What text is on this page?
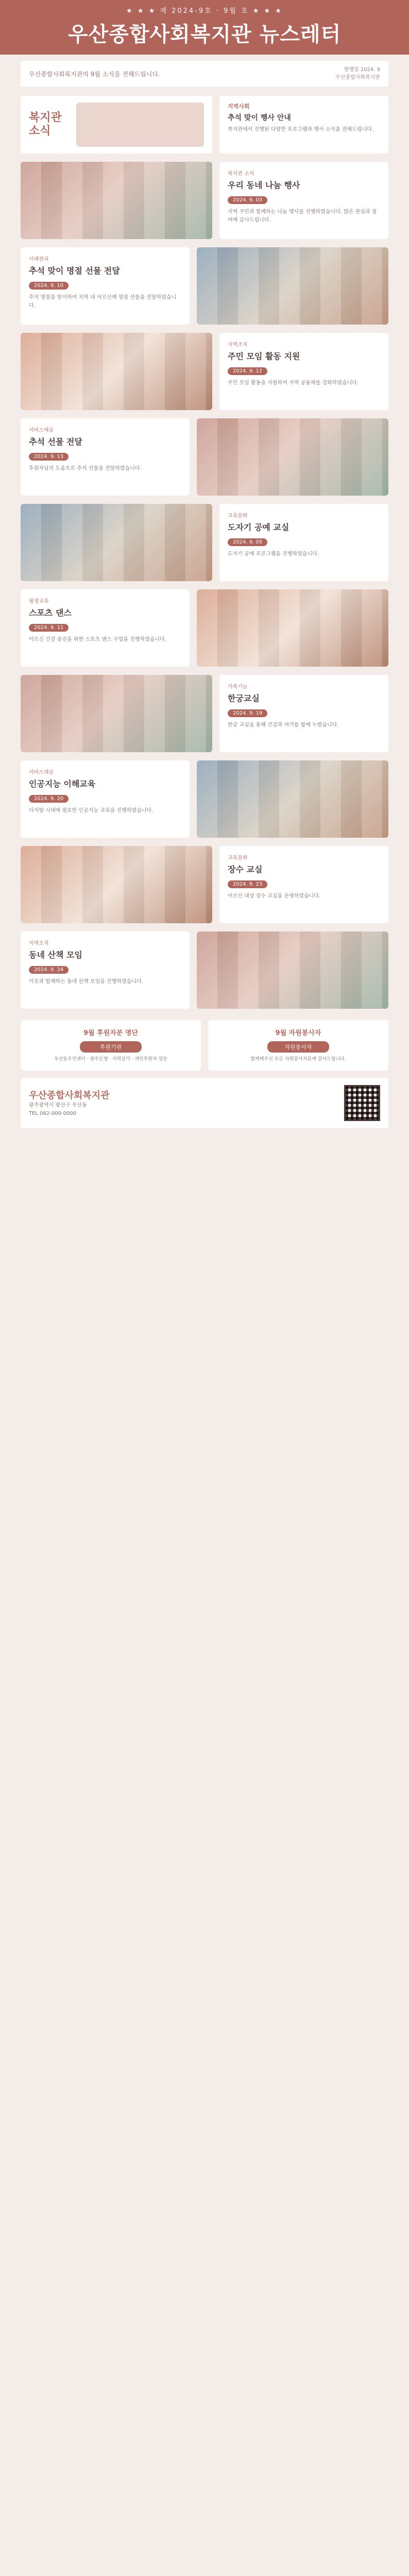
★ ★ ★ 제 2024-9호 · 9월 호 ★ ★ ★
우산종합사회복지관 뉴스레터
우산종합사회복지관의 9월 소식을 전해드립니다.
발행일 2024. 9
우산종합사회복지관
복지관 소식
지역사회
추석 맞이 행사 안내
복지관에서 진행된 다양한 프로그램과 행사 소식을 전해드립니다.
복지관 소식
우리 동네 나눔 행사
2024. 9. 03

지역 주민과 함께하는 나눔 행사를 진행하였습니다. 많은 관심과 참여에 감사드립니다.
사례관리
추석 맞이 명절 선물 전달
2024. 9. 10

추석 명절을 맞이하여 지역 내 어르신께 명절 선물을 전달하였습니다.
지역조직
주민 모임 활동 지원
2024. 9. 12

주민 모임 활동을 지원하여 지역 공동체를 강화하였습니다.
서비스제공
추석 선물 전달
2024. 9. 13

후원자님의 도움으로 추석 선물을 전달하였습니다.
교육문화
도자기 공예 교실
2024. 9. 05

도자기 공예 프로그램을 진행하였습니다.
평생교육
스포츠 댄스
2024. 9. 11

어르신 건강 증진을 위한 스포츠 댄스 수업을 진행하였습니다.
가족기능
한궁교실
2024. 9. 19

한궁 교실을 통해 건강과 여가를 함께 누렸습니다.
서비스제공
인공지능 이해교육
2024. 9. 20

디지털 시대에 필요한 인공지능 교육을 진행하였습니다.
교육문화
장수 교실
2024. 9. 23

어르신 대상 장수 교실을 운영하였습니다.
지역조직
동네 산책 모임
2024. 9. 24

이웃과 함께하는 동네 산책 모임을 진행하였습니다.
9월 후원자분 명단
후원기관
우산동주민센터 · 광주은행 · 지역상가 · 개인후원자 일동
9월 자원봉사자
자원봉사자
함께해주신 모든 자원봉사자분께 감사드립니다.
우산종합사회복지관
광주광역시 광산구 우산동
TEL 062-000-0000
